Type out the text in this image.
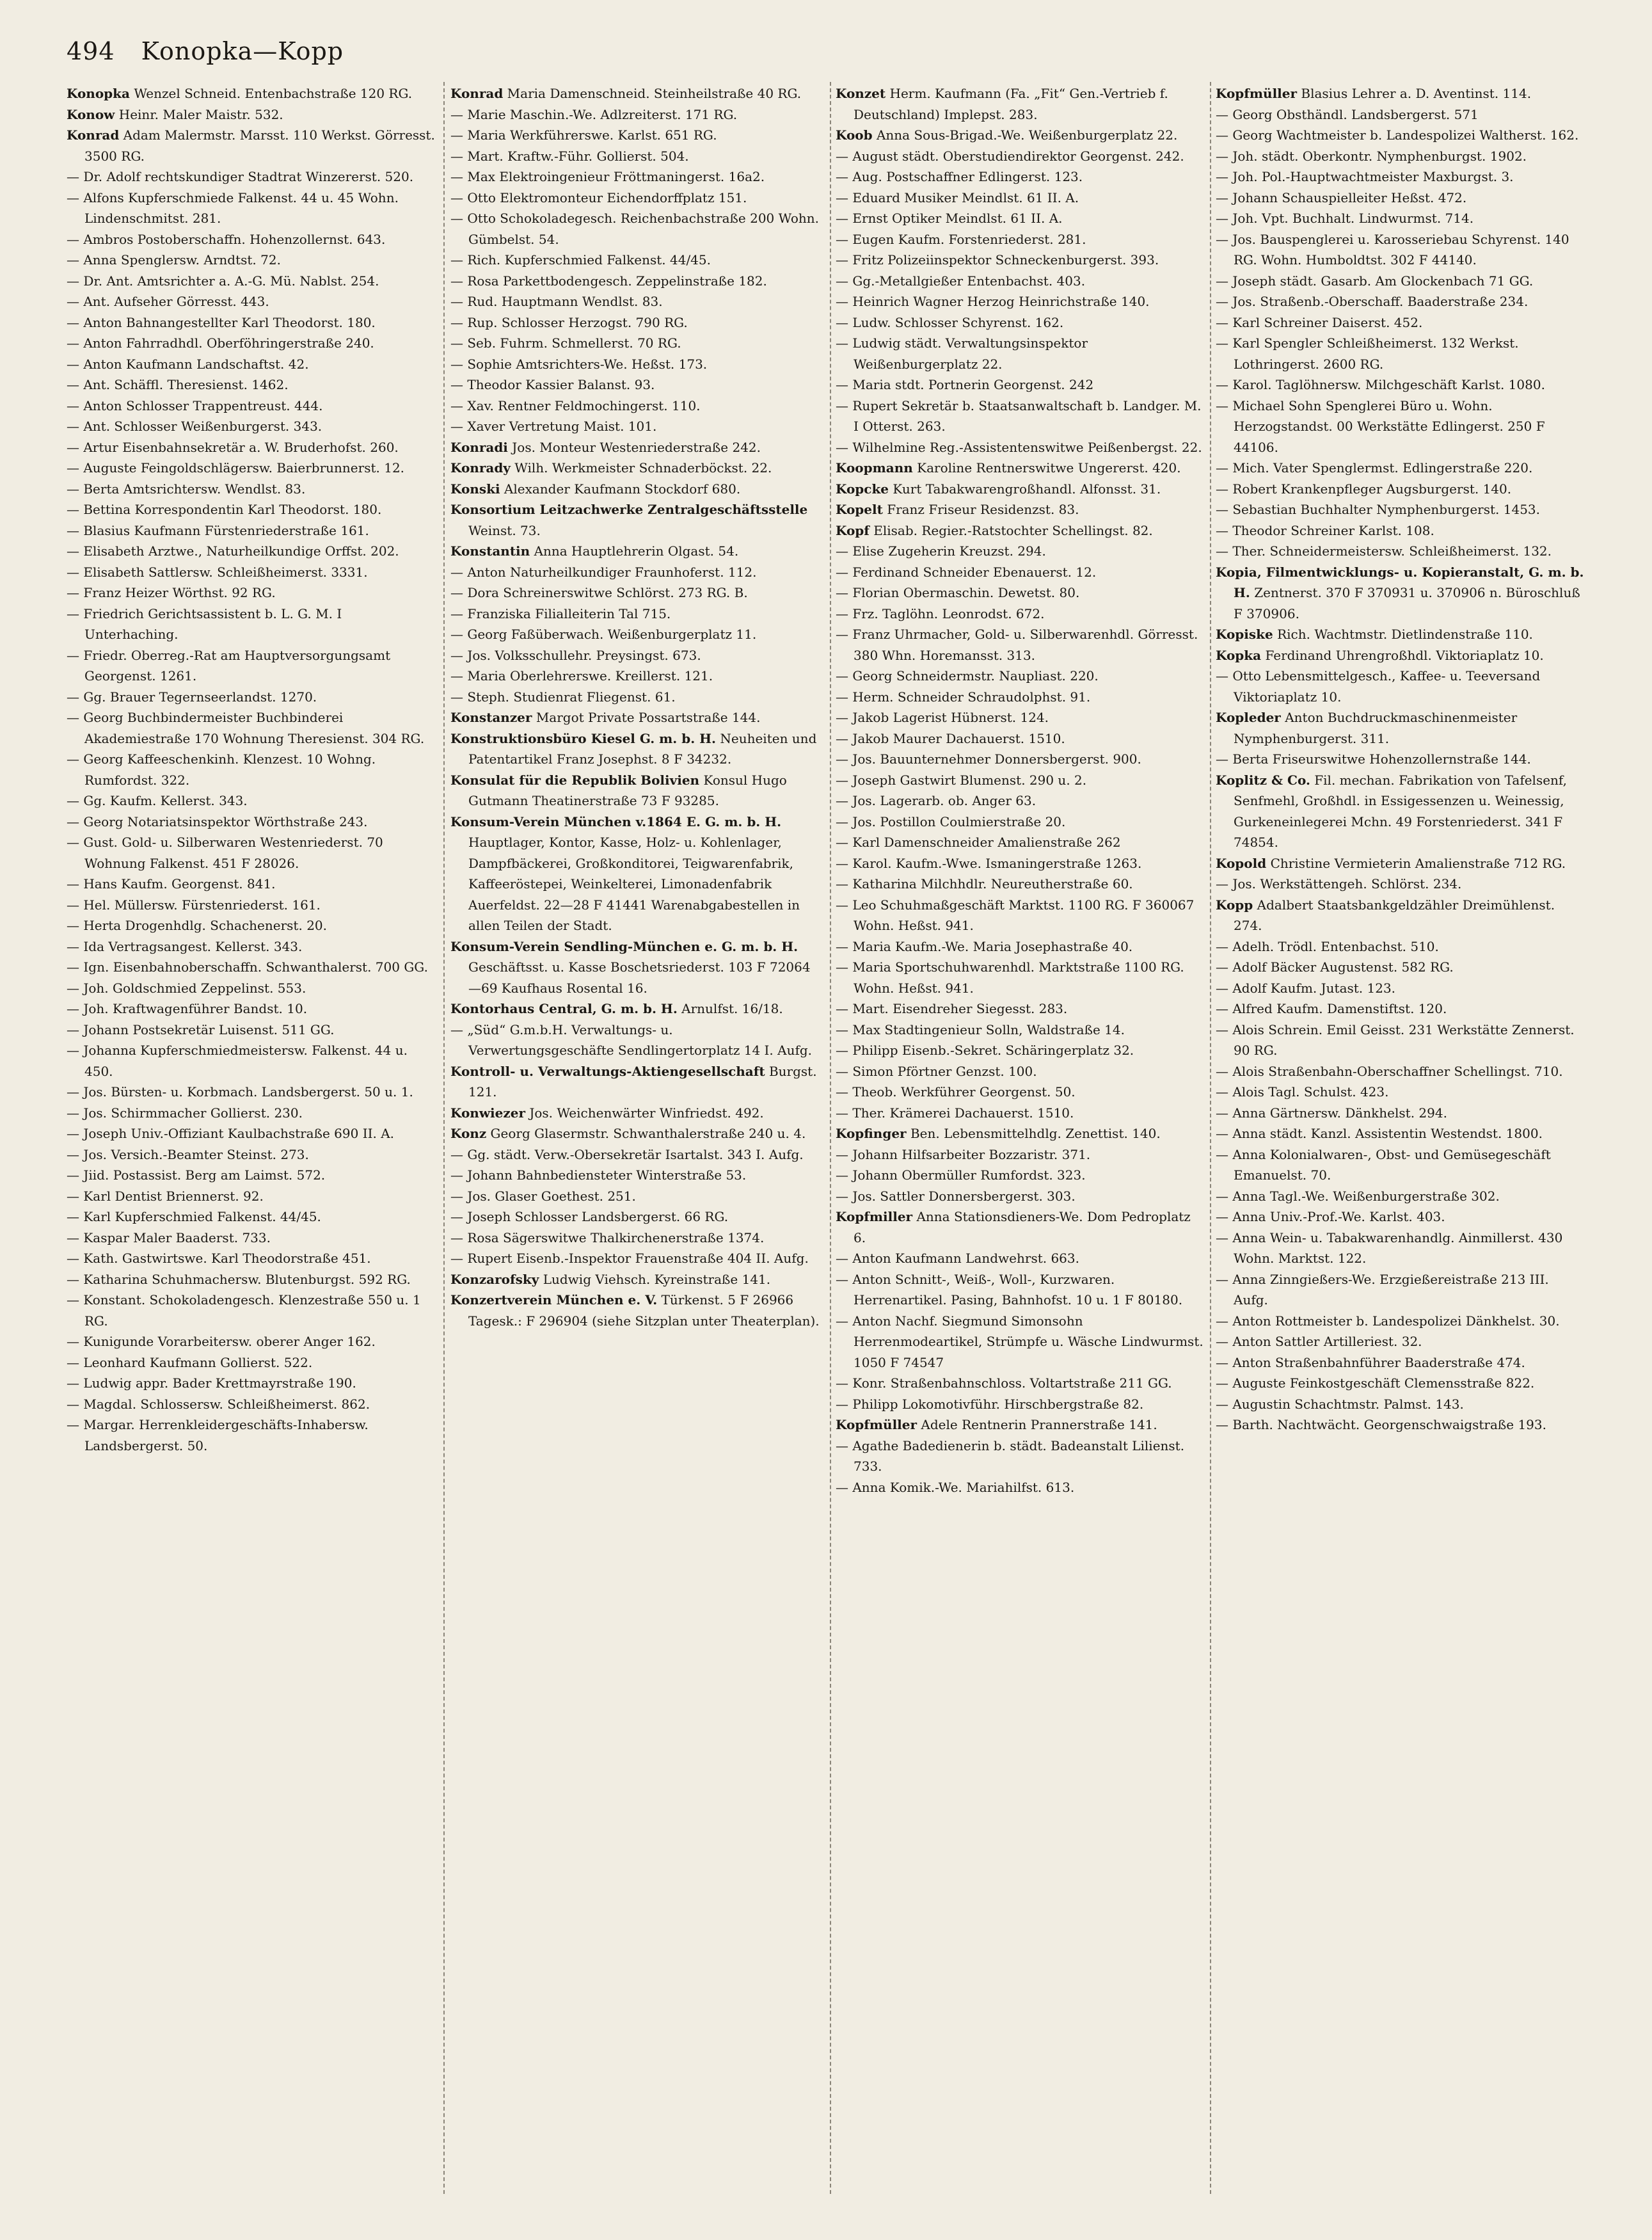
494 Konopka—Kopp

Konopka Wenzel Schneid. Entenbachstraße 120 RG.

Konow Heinr. Maler Maistr. 532.

Konrad Adam Malermstr. Marsst. 110 Werkst. Görresst. 3500 RG.

— Dr. Adolf rechtskundiger Stadtrat Winzererst. 520.

— Alfons Kupferschmiede Falkenst. 44 u. 45 Wohn. Lindenschmitst. 281.

— Ambros Postoberschaffn. Hohenzollernst. 643.

— Anna Spenglersw. Arndtst. 72.

— Dr. Ant. Amtsrichter a. A.-G. Mü. Nablst. 254.

— Ant. Aufseher Görresst. 443.

— Anton Bahnangestellter Karl Theodorst. 180.

— Anton Fahrradhdl. Oberföhringerstraße 240.

— Anton Kaufmann Landschaftst. 42.

— Ant. Schäffl. Theresienst. 1462.

— Anton Schlosser Trappentreust. 444.

— Ant. Schlosser Weißenburgerst. 343.

— Artur Eisenbahnsekretär a. W. Bruderhofst. 260.

— Auguste Feingoldschlägersw. Baierbrunnerst. 12.

— Berta Amtsrichtersw. Wendlst. 83.

— Bettina Korrespondentin Karl Theodorst. 180.

— Blasius Kaufmann Fürstenriederstraße 161.

— Elisabeth Arztwe., Naturheilkundige Orffst. 202.

— Elisabeth Sattlersw. Schleißheimerst. 3331.

— Franz Heizer Wörthst. 92 RG.

— Friedrich Gerichtsassistent b. L. G. M. I Unterhaching.

— Friedr. Oberreg.-Rat am Hauptversorgungsamt Georgenst. 1261.

— Gg. Brauer Tegernseerlandst. 1270.

— Georg Buchbindermeister Buchbinderei Akademiestraße 170 Wohnung Theresienst. 304 RG.

— Georg Kaffeeschenkinh. Klenzest. 10 Wohng. Rumfordst. 322.

— Gg. Kaufm. Kellerst. 343.

— Georg Notariatsinspektor Wörthstraße 243.

— Gust. Gold- u. Silberwaren Westenriederst. 70 Wohnung Falkenst. 451 F 28026.

— Hans Kaufm. Georgenst. 841.

— Hel. Müllersw. Fürstenriederst. 161.

— Herta Drogenhdlg. Schachenerst. 20.

— Ida Vertragsangest. Kellerst. 343.

— Ign. Eisenbahnoberschaffn. Schwanthalerst. 700 GG.

— Joh. Goldschmied Zeppelinst. 553.

— Joh. Kraftwagenführer Bandst. 10.

— Johann Postsekretär Luisenst. 511 GG.

— Johanna Kupferschmiedmeistersw. Falkenst. 44 u. 450.

— Jos. Bürsten- u. Korbmach. Landsbergerst. 50 u. 1.

— Jos. Schirmmacher Gollierst. 230.

— Joseph Univ.-Offiziant Kaulbachstraße 690 II. A.

— Jos. Versich.-Beamter Steinst. 273.

— Jiid. Postassist. Berg am Laimst. 572.

— Karl Dentist Briennerst. 92.

— Karl Kupferschmied Falkenst. 44/45.

— Kaspar Maler Baaderst. 733.

— Kath. Gastwirtswe. Karl Theodorstraße 451.

— Katharina Schuhmachersw. Blutenburgst. 592 RG.

— Konstant. Schokoladengesch. Klenzestraße 550 u. 1 RG.

— Kunigunde Vorarbeitersw. oberer Anger 162.

— Leonhard Kaufmann Gollierst. 522.

— Ludwig appr. Bader Krettmayrstraße 190.

— Magdal. Schlossersw. Schleißheimerst. 862.

— Margar. Herrenkleidergeschäfts-Inhabersw. Landsbergerst. 50.

Konrad Maria Damenschneid. Steinheilstraße 40 RG.

— Marie Maschin.-We. Adlzreiterst. 171 RG.

— Maria Werkführerswe. Karlst. 651 RG.

— Mart. Kraftw.-Führ. Gollierst. 504.

— Max Elektroingenieur Fröttmaningerst. 16a2.

— Otto Elektromonteur Eichendorffplatz 151.

— Otto Schokoladegesch. Reichenbachstraße 200 Wohn. Gümbelst. 54.

— Rich. Kupferschmied Falkenst. 44/45.

— Rosa Parkettbodengesch. Zeppelinstraße 182.

— Rud. Hauptmann Wendlst. 83.

— Rup. Schlosser Herzogst. 790 RG.

— Seb. Fuhrm. Schmellerst. 70 RG.

— Sophie Amtsrichters-We. Heßst. 173.

— Theodor Kassier Balanst. 93.

— Xav. Rentner Feldmochingerst. 110.

— Xaver Vertretung Maist. 101.

Konradi Jos. Monteur Westenriederstraße 242.

Konrady Wilh. Werkmeister Schnaderböckst. 22.

Konski Alexander Kaufmann Stockdorf 680.

Konsortium Leitzachwerke Zentralgeschäftsstelle Weinst. 73.

Konstantin Anna Hauptlehrerin Olgast. 54.

— Anton Naturheilkundiger Fraunhoferst. 112.

— Dora Schreinerswitwe Schlörst. 273 RG. B.

— Franziska Filialleiterin Tal 715.

— Georg Faßüberwach. Weißenburgerplatz 11.

— Jos. Volksschullehr. Preysingst. 673.

— Maria Oberlehrerswe. Kreillerst. 121.

— Steph. Studienrat Fliegenst. 61.

Konstanzer Margot Private Possartstraße 144.

Konstruktionsbüro Kiesel G. m. b. H. Neuheiten und Patentartikel Franz Josephst. 8 F 34232.

Konsulat für die Republik Bolivien Konsul Hugo Gutmann Theatinerstraße 73 F 93285.

Konsum-Verein München v.1864 E. G. m. b. H. Hauptlager, Kontor, Kasse, Holz- u. Kohlenlager, Dampfbäckerei, Großkonditorei, Teigwarenfabrik, Kaffeeröstерei, Weinkelterei, Limonadenfabrik Auerfeldst. 22—28 F 41441 Warenabgabestellen in allen Teilen der Stadt.

Konsum-Verein Sendling-München e. G. m. b. H. Geschäftsst. u. Kasse Boschetsriederst. 103 F 72064—69 Kaufhaus Rosental 16.

Kontorhaus Central, G. m. b. H. Arnulfst. 16/18.

— „Süd“ G.m.b.H. Verwaltungs- u. Verwertungsgeschäfte Sendlingertorplatz 14 I. Aufg.

Kontroll- u. Verwaltungs-Aktiengesellschaft Burgst. 121.

Konwiezer Jos. Weichenwärter Winfriedst. 492.

Konz Georg Glasermstr. Schwanthalerstraße 240 u. 4.

— Gg. städt. Verw.-Obersekretär Isartalst. 343 I. Aufg.

— Johann Bahnbediensteter Winterstraße 53.

— Jos. Glaser Goethest. 251.

— Joseph Schlosser Landsbergerst. 66 RG.

— Rosa Sägerswitwe Thalkirchenerstraße 1374.

— Rupert Eisenb.-Inspektor Frauenstraße 404 II. Aufg.

Konzarofsky Ludwig Viehsch. Kyreinstraße 141.

Konzertverein München e. V. Türkenst. 5 F 26966 Tagesk.: F 296904 (siehe Sitzplan unter Theaterplan).

Konzet Herm. Kaufmann (Fa. „Fit“ Gen.-Vertrieb f. Deutschland) Impleрst. 283.

Koob Anna Sous-Brigad.-We. Weißenburgerplatz 22.

— August städt. Oberstudiendirektor Georgenst. 242.

— Aug. Postschaffner Edlingerst. 123.

— Eduard Musiker Meindlst. 61 II. A.

— Ernst Optiker Meindlst. 61 II. A.

— Eugen Kaufm. Forstenriederst. 281.

— Fritz Polizeiinspektor Schneckenburgerst. 393.

— Gg.-Metallgießer Entenbachst. 403.

— Heinrich Wagner Herzog Heinrichstraße 140.

— Ludw. Schlosser Schyrenst. 162.

— Ludwig städt. Verwaltungsinspektor Weißenburgerplatz 22.

— Maria stdt. Portnerin Georgenst. 242

— Rupert Sekretär b. Staatsanwaltschaft b. Landger. M. I Otterst. 263.

— Wilhelmine Reg.-Assistentenswitwe Peißenbergst. 22.

Koopmann Karoline Rentnerswitwe Ungererst. 420.

Kopcke Kurt Tabakwarengroßhandl. Alfonsst. 31.

Kopelt Franz Friseur Residenzst. 83.

Kopf Elisab. Regier.-Ratstochter Schellingst. 82.

— Elise Zugeherin Kreuzst. 294.

— Ferdinand Schneider Ebenauerst. 12.

— Florian Obermaschin. Dewetst. 80.

— Frz. Taglöhn. Leonrodst. 672.

— Franz Uhrmacher, Gold- u. Silberwarenhdl. Görresst. 380 Whn. Horemansst. 313.

— Georg Schneidermstr. Naupliast. 220.

— Herm. Schneider Schraudolphst. 91.

— Jakob Lagerist Hübnerst. 124.

— Jakob Maurer Dachauerst. 1510.

— Jos. Bauunternehmer Donnersbergerst. 900.

— Joseph Gastwirt Blumenst. 290 u. 2.

— Jos. Lagerarb. ob. Anger 63.

— Jos. Postillon Coulmierstraße 20.

— Karl Damenschneider Amalienstraße 262

— Karol. Kaufm.-Wwe. Ismaningerstraße 1263.

— Katharina Milchhdlr. Neureutherstraße 60.

— Leo Schuhmaßgeschäft Marktst. 1100 RG. F 360067 Wohn. Heßst. 941.

— Maria Kaufm.-We. Maria Josephastraße 40.

— Maria Sportschuhwarenhdl. Marktstraße 1100 RG. Wohn. Heßst. 941.

— Mart. Eisendreher Siegesst. 283.

— Max Stadtingenieur Solln, Waldstraße 14.

— Philipp Eisenb.-Sekret. Schäringerplatz 32.

— Simon Pförtner Genzst. 100.

— Theob. Werkführer Georgenst. 50.

— Ther. Krämerei Dachauerst. 1510.

Kopfinger Ben. Lebensmittelhdlg. Zenettist. 140.

— Johann Hilfsarbeiter Bozzaristr. 371.

— Johann Obermüller Rumfordst. 323.

— Jos. Sattler Donnersbergerst. 303.

Kopfmiller Anna Stationsdieners-We. Dom Pedroplatz 6.

— Anton Kaufmann Landwehrst. 663.

— Anton Schnitt-, Weiß-, Woll-, Kurzwaren. Herrenartikel. Pasing, Bahnhofst. 10 u. 1 F 80180.

— Anton Nachf. Siegmund Simonsohn Herrenmodeartikel, Strümpfe u. Wäsche Lindwurmst. 1050 F 74547

— Konr. Straßenbahnschloss. Voltartstraße 211 GG.

— Philipp Lokomotivführ. Hirschbergstraße 82.

Kopfmüller Adele Rentnerin Prannerstraße 141.

— Agathe Badedienerin b. städt. Badeanstalt Lilienst. 733.

— Anna Komik.-We. Mariahilfst. 613.

Kopfmüller Blasius Lehrer a. D. Aventinst. 114.

— Georg Obsthändl. Landsbergerst. 571

— Georg Wachtmeister b. Landespolizei Waltherst. 162.

— Joh. städt. Oberkontr. Nymphenburgst. 1902.

— Joh. Pol.-Hauptwachtmeister Maxburgst. 3.

— Johann Schauspielleiter Heßst. 472.

— Joh. Vpt. Buchhalt. Lindwurmst. 714.

— Jos. Bauspenglerei u. Karosseriebau Schyrenst. 140 RG. Wohn. Humboldtst. 302 F 44140.

— Joseph städt. Gasarb. Am Glockenbach 71 GG.

— Jos. Straßenb.-Oberschaff. Baaderstraße 234.

— Karl Schreiner Daiserst. 452.

— Karl Spengler Schleißheimerst. 132 Werkst. Lothringerst. 2600 RG.

— Karol. Taglöhnersw. Milchgeschäft Karlst. 1080.

— Michael Sohn Spenglerei Büro u. Wohn. Herzogstandst. 00 Werkstätte Edlingerst. 250 F 44106.

— Mich. Vater Spenglermst. Edlingerstraße 220.

— Robert Krankenpfleger Augsburgerst. 140.

— Sebastian Buchhalter Nymphenburgerst. 1453.

— Theodor Schreiner Karlst. 108.

— Ther. Schneidermeistersw. Schleißheimerst. 132.

Kopia, Filmentwicklungs- u. Kopieranstalt, G. m. b. H. Zentnerst. 370 F 370931 u. 370906 n. Büroschluß F 370906.

Kopiske Rich. Wachtmstr. Dietlindenstraße 110.

Kopka Ferdinand Uhrengroßhdl. Viktoriaplatz 10.

— Otto Lebensmittelgesch., Kaffee- u. Teeversand Viktoriaplatz 10.

Kopleder Anton Buchdruckmaschinenmeister Nymphenburgerst. 311.

— Berta Friseurswitwe Hohenzollernstraße 144.

Koplitz & Co. Fil. mechan. Fabrikation von Tafelsenf, Senfmehl, Großhdl. in Essigessenzen u. Weinessig, Gurkeneinlegerei Mchn. 49 Forstenriederst. 341 F 74854.

Kopold Christine Vermieterin Amalienstraße 712 RG.

— Jos. Werkstättengeh. Schlörst. 234.

Kopp Adalbert Staatsbankgeldzähler Dreimühlenst. 274.

— Adelh. Trödl. Entenbachst. 510.

— Adolf Bäcker Augustenst. 582 RG.

— Adolf Kaufm. Jutast. 123.

— Alfred Kaufm. Damenstiftst. 120.

— Alois Schrein. Emil Geisst. 231 Werkstätte Zennerst. 90 RG.

— Alois Straßenbahn-Oberschaffner Schellingst. 710.

— Alois Tagl. Schulst. 423.

— Anna Gärtnersw. Dänkhelst. 294.

— Anna städt. Kanzl. Assistentin Westendst. 1800.

— Anna Kolonialwaren-, Obst- und Gemüsegeschäft Emanuelst. 70.

— Anna Tagl.-We. Weißenburgerstraße 302.

— Anna Univ.-Prof.-We. Karlst. 403.

— Anna Wein- u. Tabakwarenhandlg. Ainmillerst. 430 Wohn. Marktst. 122.

— Anna Zinngießers-We. Erzgießereistraße 213 III. Aufg.

— Anton Rottmeister b. Landespolizei Dänkhelst. 30.

— Anton Sattler Artilleriest. 32.

— Anton Straßenbahnführer Baaderstraße 474.

— Auguste Feinkostgeschäft Clemensstraße 822.

— Augustin Schachtmstr. Palmst. 143.

— Barth. Nachtwächt. Georgenschwaigstraße 193.
